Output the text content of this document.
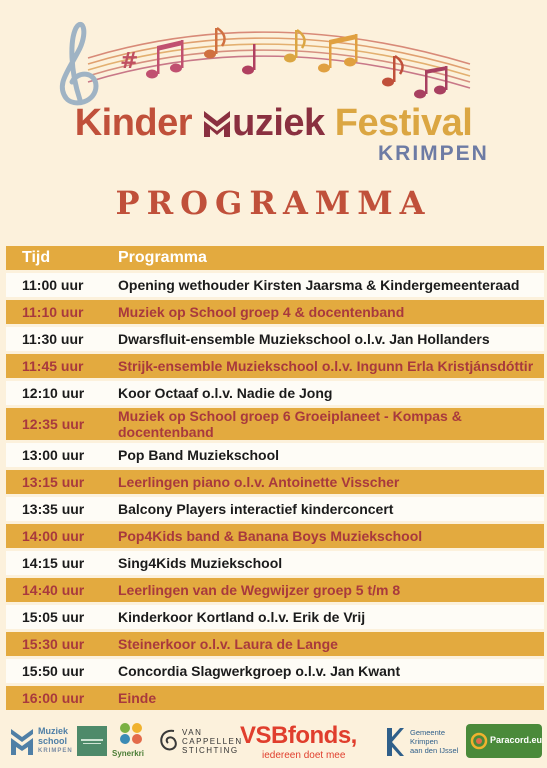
#
Kinder uziek Festival
KRIMPEN
PROGRAMMA
Tijd	Programma
11:00 uur	Opening wethouder Kirsten Jaarsma & Kindergemeenteraad
11:10 uur	Muziek op School groep 4 & docentenband
11:30 uur	Dwarsfluit-ensemble Muziekschool o.l.v. Jan Hollanders
11:45 uur	Strijk-ensemble Muziekschool o.l.v. Ingunn Erla Kristjánsdóttir
12:10 uur	Koor Octaaf o.l.v. Nadie de Jong
12:35 uur	Muziek op School groep 6 Groeiplaneet - Kompas & docentenband
13:00 uur	Pop Band Muziekschool
13:15 uur	Leerlingen piano o.l.v. Antoinette Visscher
13:35 uur	Balcony Players interactief kinderconcert
14:00 uur	Pop4Kids band & Banana Boys Muziekschool
14:15 uur	Sing4Kids Muziekschool
14:40 uur	Leerlingen van de Wegwijzer groep 5 t/m 8
15:05 uur	Kinderkoor Kortland o.l.v. Erik de Vrij
15:30 uur	Steinerkoor o.l.v. Laura de Lange
15:50 uur	Concordia Slagwerkgroep o.l.v. Jan Kwant
16:00 uur	Einde
Muziek
school
KRIMPEN	Synerkri
VAN
CAPPELLEN
STICHTING
VSBfonds,
iedereen doet mee
Gemeente
Krimpen
aan den IJssel
Paracord.eu
